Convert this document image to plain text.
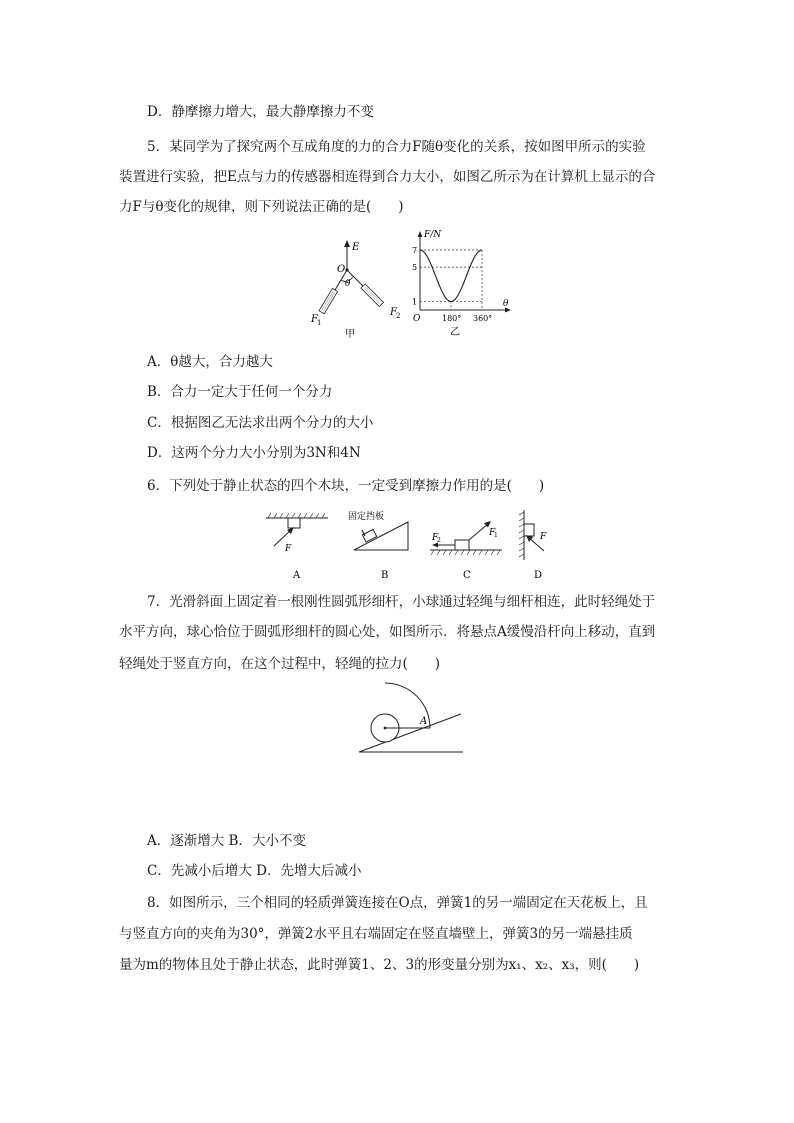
D．静摩擦力增大，最大静摩擦力不变
5．某同学为了探究两个互成角度的力的合力F随θ变化的关系，按如图甲所示的实验
装置进行实验，把E点与力的传感器相连得到合力大小，如图乙所示为在计算机上显示的合
力F与θ变化的规律，则下列说法正确的是(　　)
E
O
θ
F 1
F 2
甲
F/N
θ
O
1
5
7
180° 360°
乙
A．θ越大，合力越大
B．合力一定大于任何一个分力
C．根据图乙无法求出两个分力的大小
D．这两个分力大小分别为3N和4N
6．下列处于静止状态的四个木块，一定受到摩擦力作用的是(　　)
F
A
固定挡板
B
F
2
F
1
C
F
D
7．光滑斜面上固定着一根刚性圆弧形细杆，小球通过轻绳与细杆相连，此时轻绳处于
水平方向，球心恰位于圆弧形细杆的圆心处，如图所示．将悬点A缓慢沿杆向上移动，直到
轻绳处于竖直方向，在这个过程中，轻绳的拉力(　　)
A
A．逐渐增大 B．大小不变
C．先减小后增大 D．先增大后减小
8．如图所示，三个相同的轻质弹簧连接在O点，弹簧1的另一端固定在天花板上，且
与竖直方向的夹角为30°，弹簧2水平且右端固定在竖直墙壁上，弹簧3的另一端悬挂质
量为m的物体且处于静止状态，此时弹簧1、2、3的形变量分别为x₁、x₂、x₃，则(　　)
